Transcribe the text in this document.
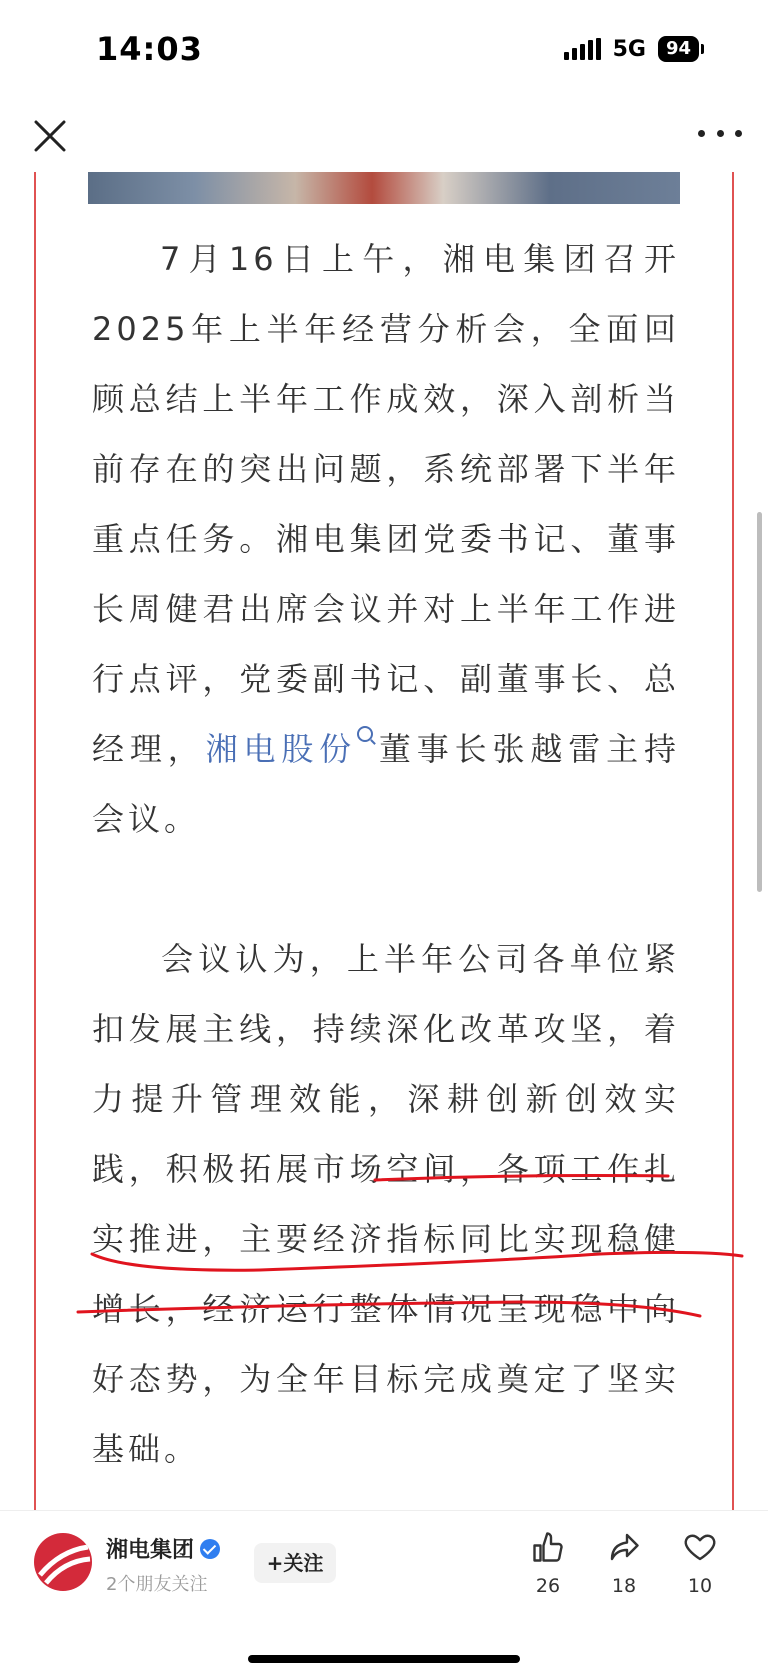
14:03	5G	94

7月16日上午，湘电集团召开2025年上半年经营分析会，全面回顾总结上半年工作成效，深入剖析当前存在的突出问题，系统部署下半年重点任务。湘电集团党委书记、董事长周健君出席会议并对上半年工作进行点评，党委副书记、副董事长、总经理，湘电股份 董事长张越雷主持会议。

会议认为，上半年公司各单位紧扣发展主线，持续深化改革攻坚，着力提升管理效能，深耕创新创效实践，积极拓展市场空间，各项工作扎实推进，主要经济指标同比实现稳健增长，经济运行整体情况呈现稳中向好态势，为全年目标完成奠定了坚实基础。

湘电集团
2个朋友关注
+关注
26	18	10
